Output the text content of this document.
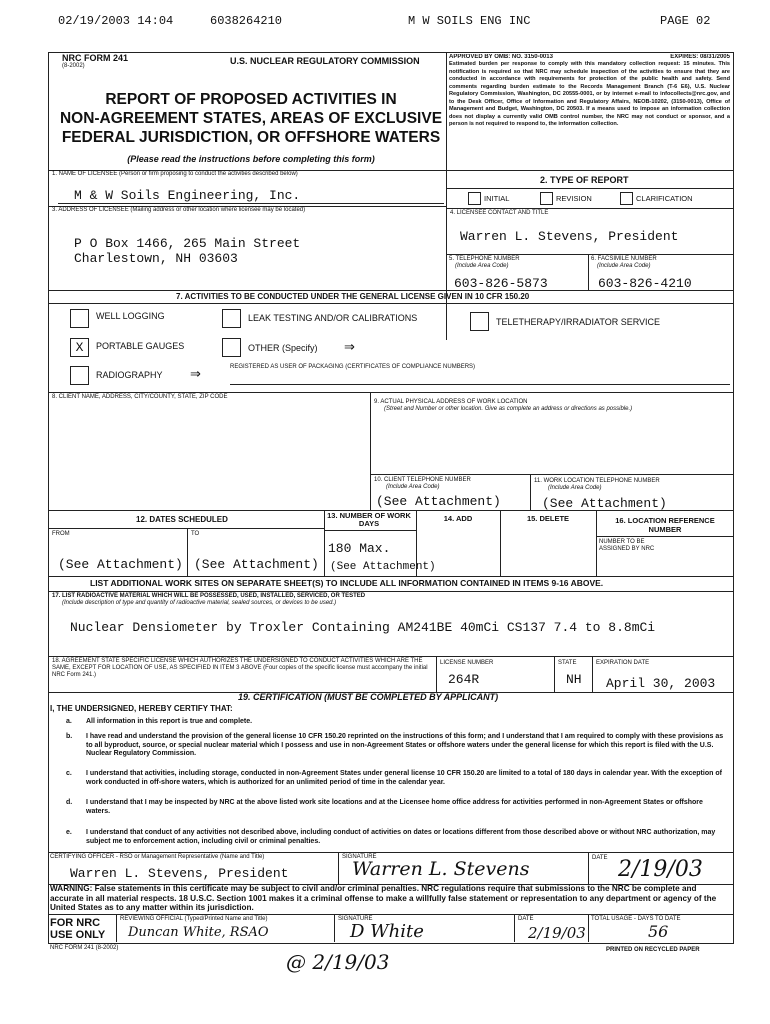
02/19/2003 14:04	6038264210	M W SOILS ENG INC	PAGE 02
NRC FORM 241
(8-2002)	U.S. NUCLEAR REGULATORY COMMISSION
REPORT OF PROPOSED ACTIVITIES IN
NON-AGREEMENT STATES, AREAS OF EXCLUSIVE
FEDERAL JURISDICTION, OR OFFSHORE WATERS
(Please read the instructions before completing this form)
APPROVED BY OMB: NO. 3150-0013	EXPIRES: 08/31/2005
Estimated burden per response to comply with this mandatory collection request: 15 minutes. This notification is required so that NRC may schedule inspection of the activities to ensure that they are conducted in accordance with requirements for protection of the public health and safety. Send comments regarding burden estimate to the Records Management Branch (T-6 E6), U.S. Nuclear Regulatory Commission, Washington, DC 20555-0001, or by internet e-mail to infocollects@nrc.gov, and to the Desk Officer, Office of Information and Regulatory Affairs, NEOB-10202, (3150-0013), Office of Management and Budget, Washington, DC 20503. If a means used to impose an information collection does not display a currently valid OMB control number, the NRC may not conduct or sponsor, and a person is not required to respond to, the information collection.
1. NAME OF LICENSEE (Person or firm proposing to conduct the activities described below)
M & W Soils Engineering, Inc.
2. TYPE OF REPORT
INITIAL	REVISION	CLARIFICATION
3. ADDRESS OF LICENSEE (Mailing address or other location where licensee may be located)
P O Box 1466, 265 Main Street
Charlestown, NH 03603
4. LICENSEE CONTACT AND TITLE
Warren L. Stevens, President
5. TELEPHONE NUMBER
(Include Area Code)
603-826-5873
6. FACSIMILE NUMBER
(Include Area Code)
603-826-4210
7. ACTIVITIES TO BE CONDUCTED UNDER THE GENERAL LICENSE GIVEN IN 10 CFR 150.20
WELL LOGGING	LEAK TESTING AND/OR CALIBRATIONS	TELETHERAPY/IRRADIATOR SERVICE
X	PORTABLE GAUGES	OTHER (Specify) ⇒
RADIOGRAPHY ⇒	REGISTERED AS USER OF PACKAGING (CERTIFICATES OF COMPLIANCE NUMBERS)
8. CLIENT NAME, ADDRESS, CITY/COUNTY, STATE, ZIP CODE
9. ACTUAL PHYSICAL ADDRESS OF WORK LOCATION
(Street and Number or other location. Give as complete an address or directions as possible.)
10. CLIENT TELEPHONE NUMBER
(Include Area Code)
(See Attachment)
11. WORK LOCATION TELEPHONE NUMBER
(Include Area Code)
(See Attachment)
12. DATES SCHEDULED
FROM	TO
(See Attachment) (See Attachment)
13. NUMBER OF WORK DAYS
180 Max.
(See Attachment)
14. ADD	15. DELETE	16. LOCATION REFERENCE NUMBER
NUMBER TO BE ASSIGNED BY NRC
LIST ADDITIONAL WORK SITES ON SEPARATE SHEET(S) TO INCLUDE ALL INFORMATION CONTAINED IN ITEMS 9-16 ABOVE.
17. LIST RADIOACTIVE MATERIAL WHICH WILL BE POSSESSED, USED, INSTALLED, SERVICED, OR TESTED
(Include description of type and quantity of radioactive material, sealed sources, or devices to be used.)
Nuclear Densiometer by Troxler Containing AM241BE 40mCi CS137 7.4 to 8.8mCi
18. AGREEMENT STATE SPECIFIC LICENSE WHICH AUTHORIZES THE UNDERSIGNED TO CONDUCT ACTIVITIES WHICH ARE THE SAME, EXCEPT FOR LOCATION OF USE, AS SPECIFIED IN ITEM 3 ABOVE (Four copies of the specific license must accompany the initial NRC Form 241.)
LICENSE NUMBER
264R
STATE
NH
EXPIRATION DATE
April 30, 2003
19. CERTIFICATION (MUST BE COMPLETED BY APPLICANT)
I, THE UNDERSIGNED, HEREBY CERTIFY THAT:
a. All information in this report is true and complete.
b. I have read and understand the provision of the general license 10 CFR 150.20 reprinted on the instructions of this form; and I understand that I am required to comply with these provisions as to all byproduct, source, or special nuclear material which I possess and use in non-Agreement States or offshore waters under the general license for which this report is filed with the U.S. Nuclear Regulatory Commission.
c. I understand that activities, including storage, conducted in non-Agreement States under general license 10 CFR 150.20 are limited to a total of 180 days in calendar year. With the exception of work conducted in off-shore waters, which is authorized for an unlimited period of time in the calendar year.
d. I understand that I may be inspected by NRC at the above listed work site locations and at the Licensee home office address for activities performed in non-Agreement States or offshore waters.
e. I understand that conduct of any activities not described above, including conduct of activities on dates or locations different from those described above or without NRC authorization, may subject me to enforcement action, including civil or criminal penalties.
CERTIFYING OFFICER - RSO or Management Representative (Name and Title)
Warren L. Stevens, President
SIGNATURE
Warren L. Stevens	DATE 2/19/03
WARNING: False statements in this certificate may be subject to civil and/or criminal penalties. NRC regulations require that submissions to the NRC be complete and accurate in all material respects. 18 U.S.C. Section 1001 makes it a criminal offense to make a willfully false statement or representation to any department or agency of the United States as to any matter within its jurisdiction.
FOR NRC USE ONLY
REVIEWING OFFICIAL (Typed/Printed Name and Title)
Duncan White, RSAO
SIGNATURE
D White
DATE
2/19/03
TOTAL USAGE - DAYS TO DATE
56
NRC FORM 241 (8-2002)	PRINTED ON RECYCLED PAPER
@ 2/19/03
